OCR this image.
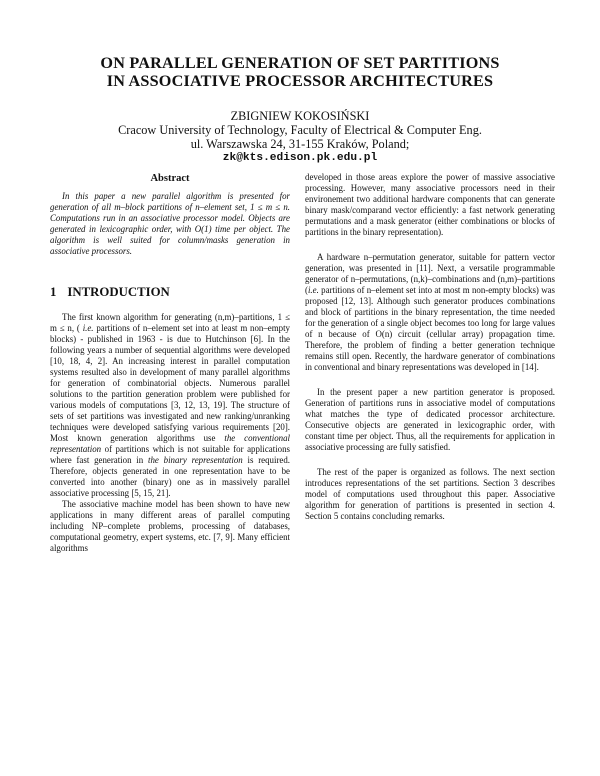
ON PARALLEL GENERATION OF SET PARTITIONS
IN ASSOCIATIVE PROCESSOR ARCHITECTURES
ZBIGNIEW KOKOSIŃSKI
Cracow University of Technology, Faculty of Electrical & Computer Eng.
ul. Warszawska 24, 31-155 Kraków, Poland;
zk@kts.edison.pk.edu.pl
Abstract
In this paper a new parallel algorithm is presented for generation of all m–block partitions of n–element set, 1 ≤ m ≤ n. Computations run in an associative processor model. Objects are generated in lexicographic order, with O(1) time per object. The algorithm is well suited for column/masks generation in associative processors.
1 INTRODUCTION

The first known algorithm for generating (n,m)–partitions, 1 ≤ m ≤ n, ( i.e. partitions of n–element set into at least m non–empty blocks) - published in 1963 - is due to Hutchinson [6]. In the following years a number of sequential algorithms were developed [10, 18, 4, 2]. An increasing interest in parallel computation systems resulted also in development of many parallel algorithms for generation of combinatorial objects. Numerous parallel solutions to the partition generation problem were published for various models of computations [3, 12, 13, 19]. The structure of sets of set partitions was investigated and new ranking/unranking techniques were developed satisfying various requirements [20]. Most known generation algorithms use the conventional representation of partitions which is not suitable for applications where fast generation in the binary representation is required. Therefore, objects generated in one representation have to be converted into another (binary) one as in massively parallel associative processing [5, 15, 21].

The associative machine model has been shown to have new applications in many different areas of parallel computing including NP–complete problems, processing of databases, computational geometry, expert systems, etc. [7, 9]. Many efficient algorithms

developed in those areas explore the power of massive associative processing. However, many associative processors need in their environement two additional hardware components that can generate binary mask/comparand vector efficiently: a fast network generating permutations and a mask generator (either combinations or blocks of partitions in the binary representation).

A hardware n–permutation generator, suitable for pattern vector generation, was presented in [11]. Next, a versatile programmable generator of n–permutations, (n,k)–combinations and (n,m)–partitions (i.e. partitions of n–element set into at most m non-empty blocks) was proposed [12, 13]. Although such generator produces combinations and block of partitions in the binary representation, the time needed for the generation of a single object becomes too long for large values of n because of O(n) circuit (cellular array) propagation time. Therefore, the problem of finding a better generation technique remains still open. Recently, the hardware generator of combinations in conventional and binary representations was developed in [14].

In the present paper a new partition generator is proposed. Generation of partitions runs in associative model of computations what matches the type of dedicated processor architecture. Consecutive objects are generated in lexicographic order, with constant time per object. Thus, all the requirements for application in associative processing are fully satisfied.

The rest of the paper is organized as follows. The next section introduces representations of the set partitions. Section 3 describes model of computations used throughout this paper. Associative algorithm for generation of partitions is presented in section 4. Section 5 contains concluding remarks.
